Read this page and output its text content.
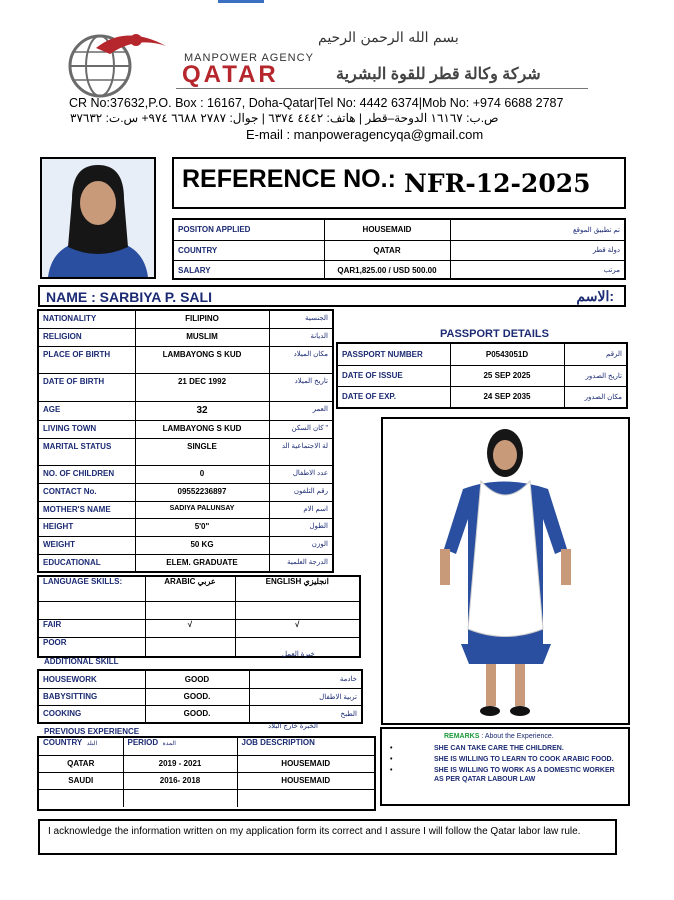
بسم الله الرحمن الرحيم
MANPOWER AGENCY
QATAR	شركة وكالة قطر للقوة البشرية
CR No:37632,P.O. Box : 16167, Doha-Qatar|Tel No: 4442 6374|Mob No: +974 6688 2787
ص.ب: ١٦١٦٧ الدوحة–قطر | هاتف: ٤٤٤٢ ٦٣٧٤ | جوال: ٢٧٨٧ ٦٦٨٨ ٩٧٤+ س.ت: ٣٧٦٣٢
E-mail : manpoweragencyqa@gmail.com
REFERENCE NO.: NFR-12-2025
POSITON APPLIED	HOUSEMAID	تم تطبيق الموقع
COUNTRY	QATAR	دولة قطر
SALARY	QAR1,825.00 / USD 500.00	مرتب
NAME : SARBIYA P. SALI	الاسم:
NATIONALITY	FILIPINO	الجنسية
RELIGION	MUSLIM	الديانة
PLACE OF BIRTH	LAMBAYONG S KUD	مكان الميلاد
DATE OF BIRTH	21 DEC 1992	تاريخ الميلاد
AGE	32	العمر
LIVING TOWN	LAMBAYONG S KUD	كان السكن "
MARITAL STATUS	SINGLE	لة الاجتماعية الد
NO. OF CHILDREN	0	عدد الاطفال
CONTACT No.	09552236897	رقم التلفون
MOTHER'S NAME	SADIYA PALUNSAY	اسم الام
HEIGHT	5'0"	الطول
WEIGHT	50 KG	الوزن
EDUCATIONAL	ELEM. GRADUATE	الدرجة العلمية
PASSPORT DETAILS
PASSPORT NUMBER	P0543051D	الرقم
DATE OF ISSUE	25 SEP 2025	تاريخ الصدور
DATE OF EXP.	24 SEP 2035	مكان الصدور
LANGUAGE SKILLS:	ARABIC عربي	ENGLISH انجليزي

FAIR	√	√
POOR		
ADDITIONAL SKILL
خبرة العمل
HOUSEWORK	GOOD	خادمة
BABYSITTING	GOOD.	تربية الاطفال
COOKING	GOOD.	الطبخ
PREVIOUS EXPERIENCE
الخبرة خارج البلاد
COUNTRY البلد	PERIOD المدة	JOB DESCRIPTION
QATAR	2019 - 2021	HOUSEMAID
SAUDI	2016- 2018	HOUSEMAID

REMARKS : About the Experience.
•	SHE CAN TAKE CARE THE CHILDREN.
•	SHE IS WILLING TO LEARN TO COOK ARABIC FOOD.
•	SHE IS WILLING TO WORK AS A DOMESTIC WORKER AS PER QATAR LABOUR LAW
I acknowledge the information written on my application form its correct and I assure I will follow the Qatar labor law rule.
